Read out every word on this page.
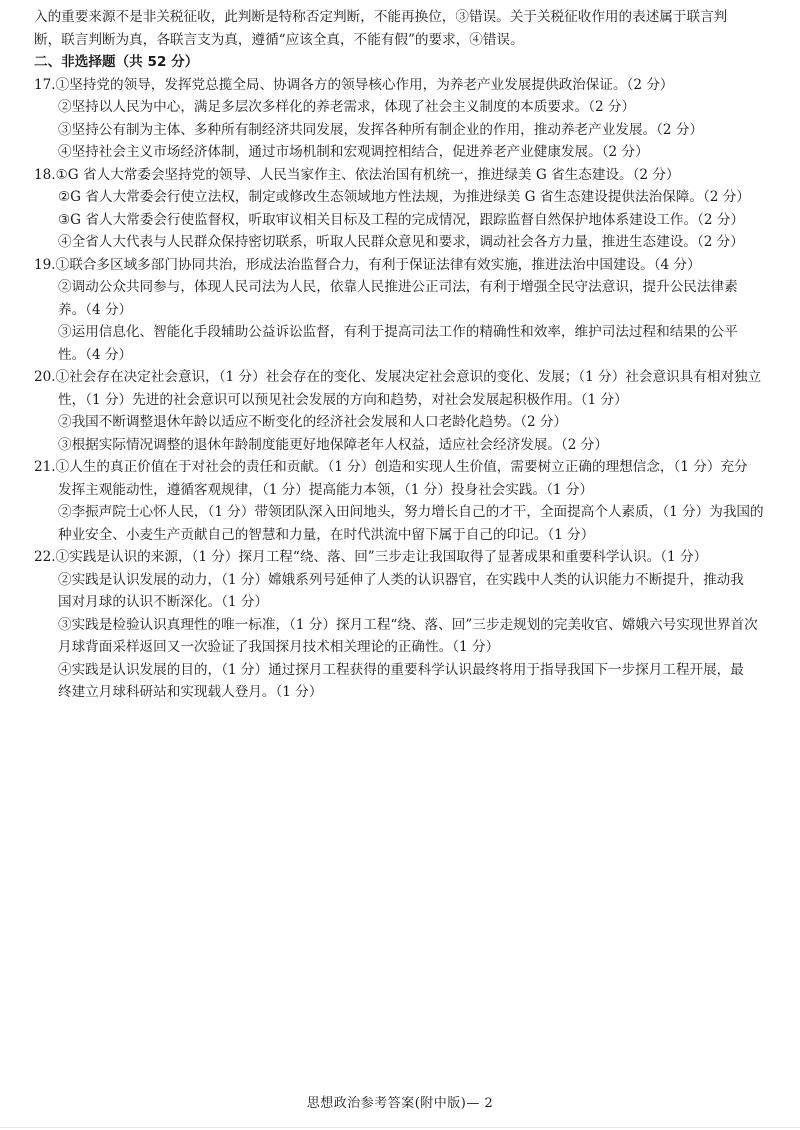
入的重要来源不是非关税征收，此判断是特称否定判断，不能再换位，③错误。关于关税征收作用的表述属于联言判
断，联言判断为真，各联言支为真，遵循“应该全真，不能有假”的要求，④错误。
二、非选择题（共 52 分）
17.①坚持党的领导，发挥党总揽全局、协调各方的领导核心作用，为养老产业发展提供政治保证。（2 分）
②坚持以人民为中心，满足多层次多样化的养老需求，体现了社会主义制度的本质要求。（2 分）
③坚持公有制为主体、多种所有制经济共同发展，发挥各种所有制企业的作用，推动养老产业发展。（2 分）
④坚持社会主义市场经济体制，通过市场机制和宏观调控相结合，促进养老产业健康发展。（2 分）
18.①G 省人大常委会坚持党的领导、人民当家作主、依法治国有机统一，推进绿美 G 省生态建设。（2 分）
②G 省人大常委会行使立法权，制定或修改生态领域地方性法规，为推进绿美 G 省生态建设提供法治保障。（2 分）
③G 省人大常委会行使监督权，听取审议相关目标及工程的完成情况，跟踪监督自然保护地体系建设工作。（2 分）
④全省人大代表与人民群众保持密切联系，听取人民群众意见和要求，调动社会各方力量，推进生态建设。（2 分）
19.①联合多区域多部门协同共治，形成法治监督合力，有利于保证法律有效实施，推进法治中国建设。（4 分）
②调动公众共同参与，体现人民司法为人民，依靠人民推进公正司法，有利于增强全民守法意识，提升公民法律素
养。（4 分）
③运用信息化、智能化手段辅助公益诉讼监督，有利于提高司法工作的精确性和效率，维护司法过程和结果的公平
性。（4 分）
20.①社会存在决定社会意识，（1 分）社会存在的变化、发展决定社会意识的变化、发展；（1 分）社会意识具有相对独立
性，（1 分）先进的社会意识可以预见社会发展的方向和趋势，对社会发展起积极作用。（1 分）
②我国不断调整退休年龄以适应不断变化的经济社会发展和人口老龄化趋势。（2 分）
③根据实际情况调整的退休年龄制度能更好地保障老年人权益，适应社会经济发展。（2 分）
21.①人生的真正价值在于对社会的责任和贡献。（1 分）创造和实现人生价值，需要树立正确的理想信念，（1 分）充分
发挥主观能动性，遵循客观规律，（1 分）提高能力本领，（1 分）投身社会实践。（1 分）
②李振声院士心怀人民，（1 分）带领团队深入田间地头，努力增长自己的才干，全面提高个人素质，（1 分）为我国的
种业安全、小麦生产贡献自己的智慧和力量，在时代洪流中留下属于自己的印记。（1 分）
22.①实践是认识的来源，（1 分）探月工程“绕、落、回”三步走让我国取得了显著成果和重要科学认识。（1 分）
②实践是认识发展的动力，（1 分）嫦娥系列号延伸了人类的认识器官，在实践中人类的认识能力不断提升，推动我
国对月球的认识不断深化。（1 分）
③实践是检验认识真理性的唯一标准，（1 分）探月工程“绕、落、回”三步走规划的完美收官、嫦娥六号实现世界首次
月球背面采样返回又一次验证了我国探月技术相关理论的正确性。（1 分）
④实践是认识发展的目的，（1 分）通过探月工程获得的重要科学认识最终将用于指导我国下一步探月工程开展，最
终建立月球科研站和实现载人登月。（1 分）
思想政治参考答案(附中版)— 2
